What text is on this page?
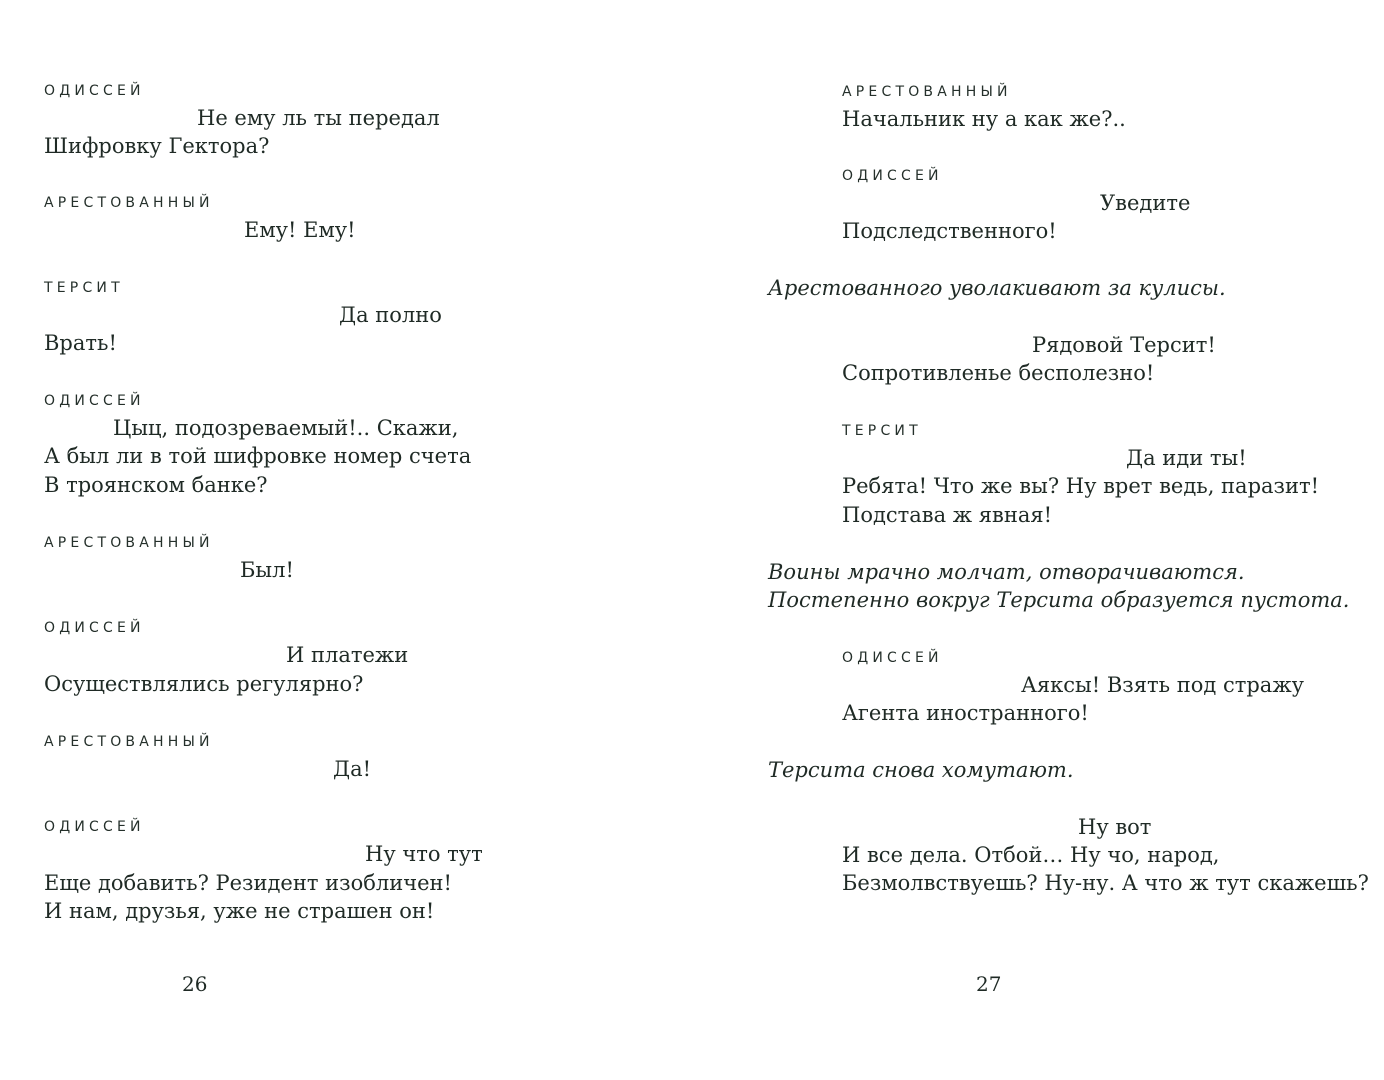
ОДИССЕЙ
Не ему ль ты передал
Шифровку Гектора?
АРЕСТОВАННЫЙ
Ему! Ему!
ТЕРСИТ
Да полно
Врать!
ОДИССЕЙ
Цыц, подозреваемый!.. Скажи,
А был ли в той шифровке номер счета
В троянском банке?
АРЕСТОВАННЫЙ
Был!
ОДИССЕЙ
И платежи
Осуществлялись регулярно?
АРЕСТОВАННЫЙ
Да!
ОДИССЕЙ
Ну что тут
Еще добавить? Резидент изобличен!
И нам, друзья, уже не страшен он!
26
АРЕСТОВАННЫЙ
Начальник ну а как же?..
ОДИССЕЙ
Уведите
Подследственного!
Арестованного уволакивают за кулисы.
Рядовой Терсит!
Сопротивленье бесполезно!
ТЕРСИТ
Да иди ты!
Ребята! Что же вы? Ну врет ведь, паразит!
Подстава ж явная!
Воины мрачно молчат, отворачиваются.
Постепенно вокруг Терсита образуется пустота.
ОДИССЕЙ
Аяксы! Взять под стражу
Агента иностранного!
Терсита снова хомутают.
Ну вот
И все дела. Отбой… Ну чо, народ,
Безмолвствуешь? Ну-ну. А что ж тут скажешь?
27
